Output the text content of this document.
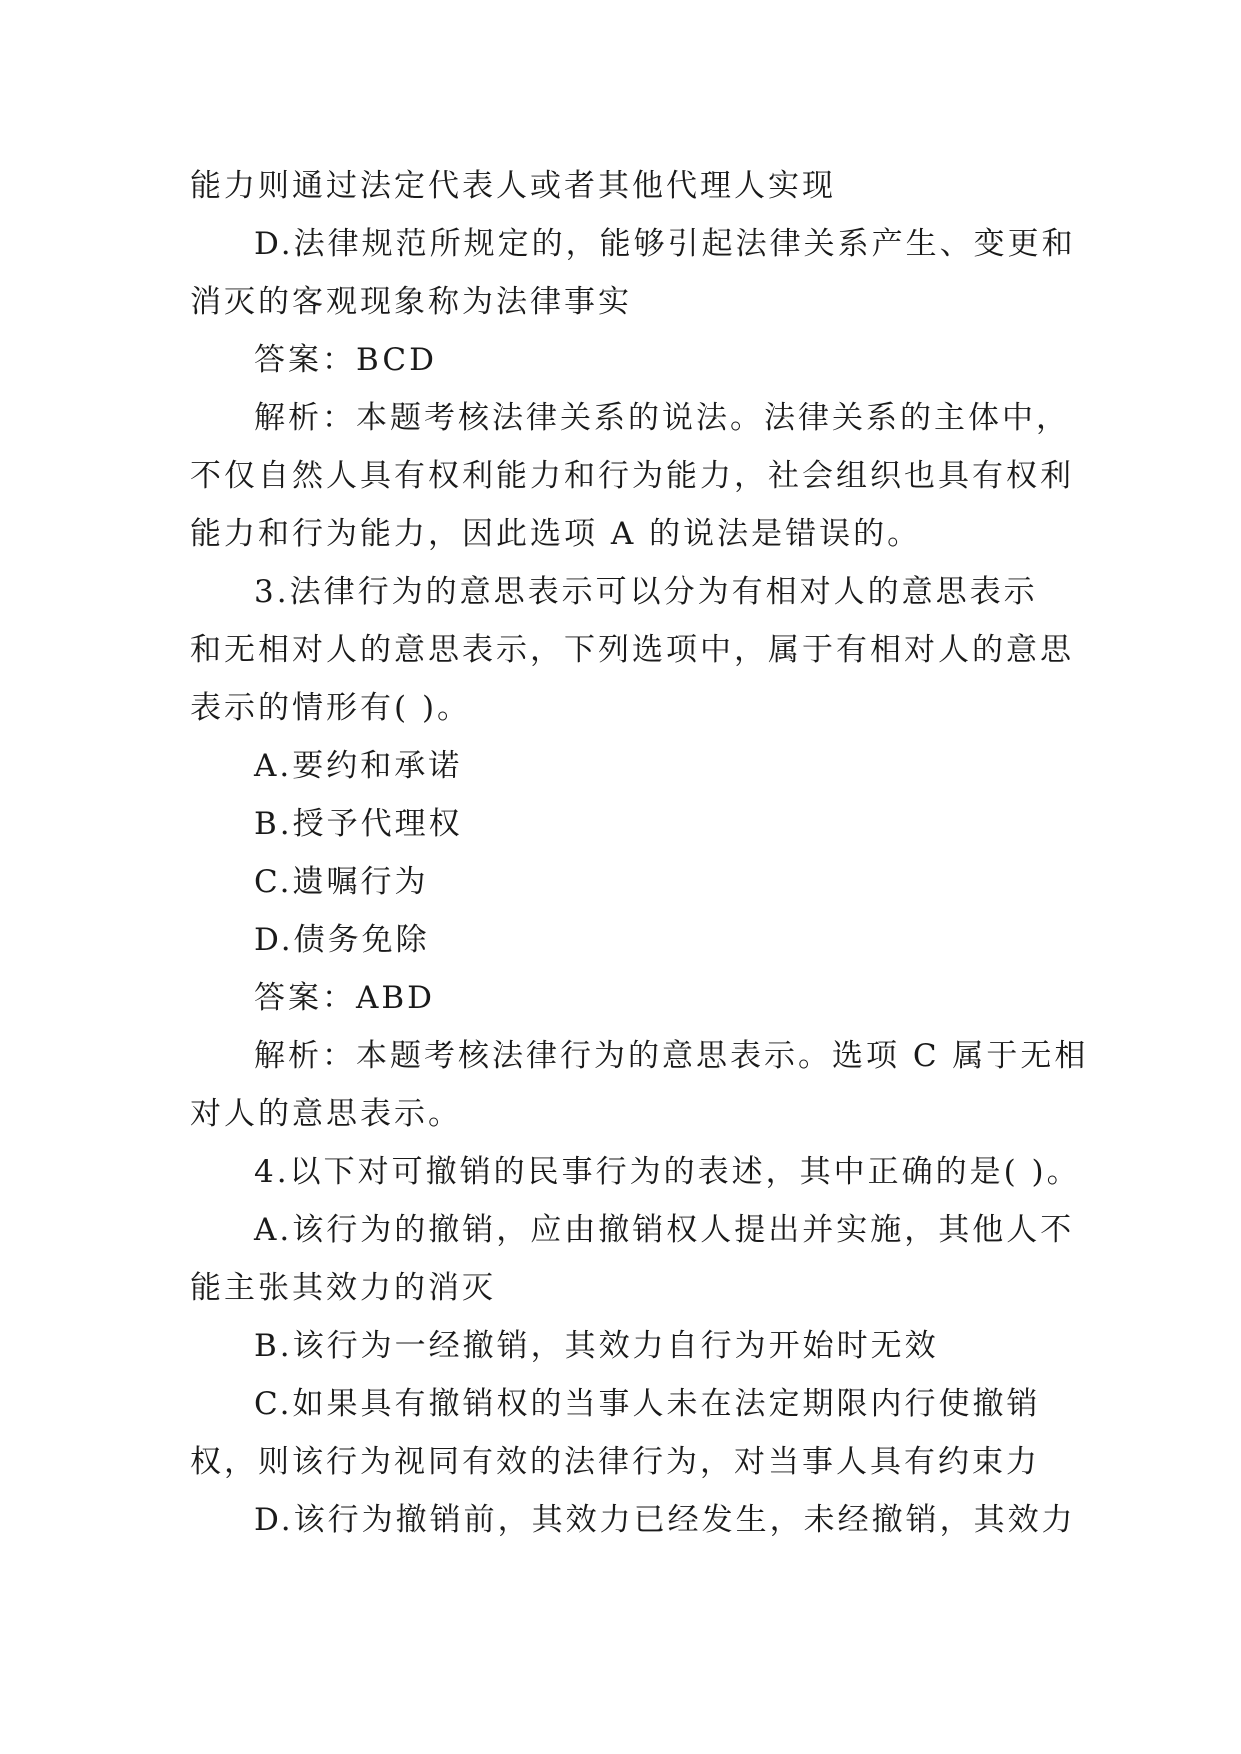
能力则通过法定代表人或者其他代理人实现
D.法律规范所规定的，能够引起法律关系产生、变更和
消灭的客观现象称为法律事实
答案：BCD
解析：本题考核法律关系的说法。法律关系的主体中，
不仅自然人具有权利能力和行为能力，社会组织也具有权利
能力和行为能力，因此选项 A 的说法是错误的。
3.法律行为的意思表示可以分为有相对人的意思表示
和无相对人的意思表示，下列选项中，属于有相对人的意思
表示的情形有( )。
A.要约和承诺
B.授予代理权
C.遗嘱行为
D.债务免除
答案：ABD
解析：本题考核法律行为的意思表示。选项 C 属于无相
对人的意思表示。
4.以下对可撤销的民事行为的表述，其中正确的是( )。
A.该行为的撤销，应由撤销权人提出并实施，其他人不
能主张其效力的消灭
B.该行为一经撤销，其效力自行为开始时无效
C.如果具有撤销权的当事人未在法定期限内行使撤销
权，则该行为视同有效的法律行为，对当事人具有约束力
D.该行为撤销前，其效力已经发生，未经撤销，其效力
